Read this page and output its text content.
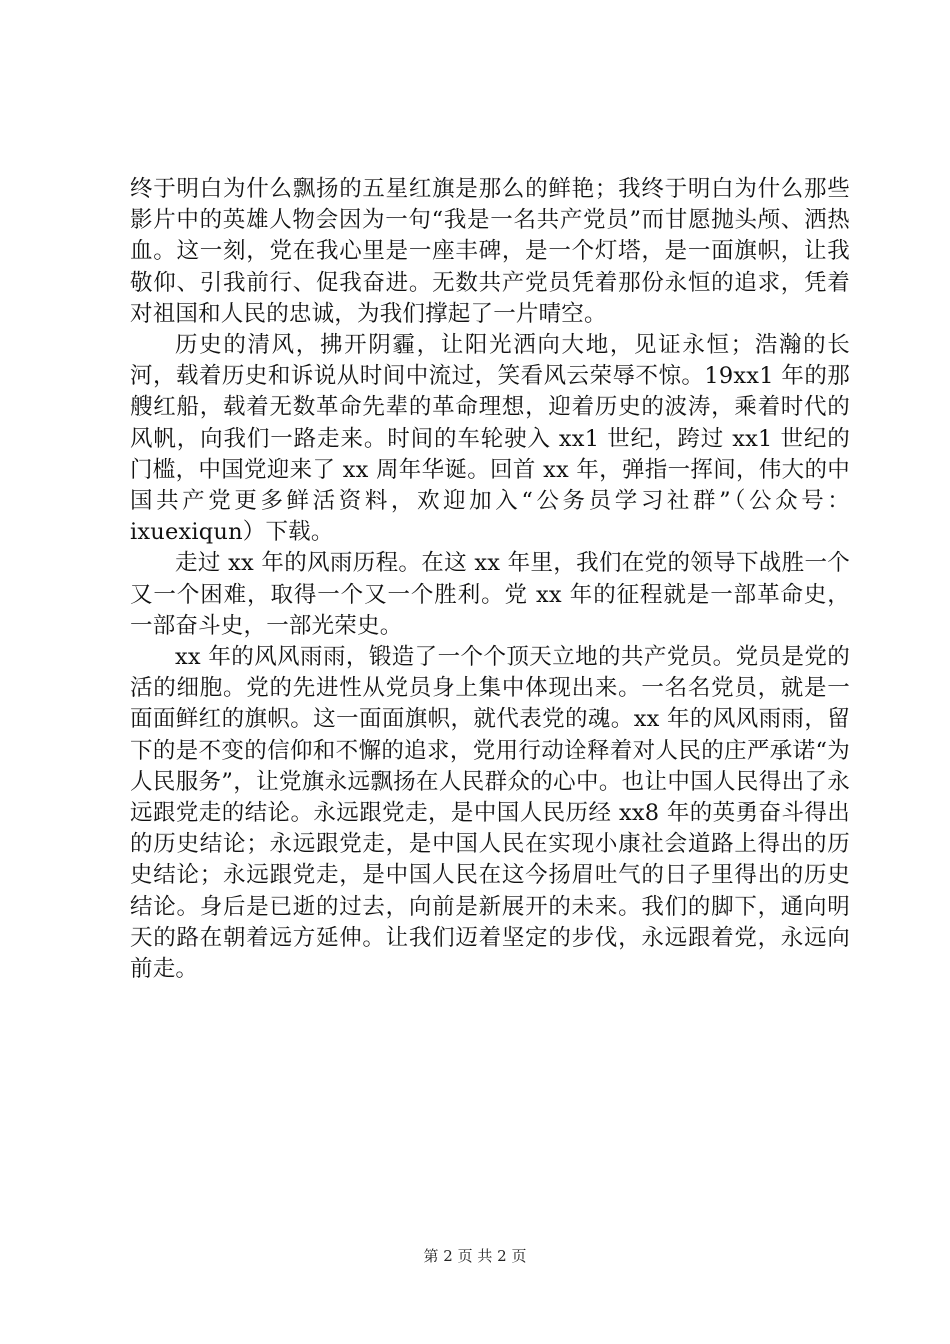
终于明白为什么飘扬的五星红旗是那么的鲜艳；我终于明白为什么那些影片中的英雄人物会因为一句“我是一名共产党员”而甘愿抛头颅、洒热血。这一刻，党在我心里是一座丰碑，是一个灯塔，是一面旗帜，让我敬仰、引我前行、促我奋进。无数共产党员凭着那份永恒的追求，凭着对祖国和人民的忠诚，为我们撑起了一片晴空。

历史的清风，拂开阴霾，让阳光洒向大地，见证永恒；浩瀚的长河，载着历史和诉说从时间中流过，笑看风云荣辱不惊。19xx1 年的那艘红船，载着无数革命先辈的革命理想，迎着历史的波涛，乘着时代的风帆，向我们一路走来。时间的车轮驶入 xx1 世纪，跨过 xx1 世纪的门槛，中国党迎来了 xx 周年华诞。回首 xx 年，弹指一挥间，伟大的中国共产党更多鲜活资料，欢迎加入“公务员学习社群”（公众号：ixuexiqun）下载。

走过 xx 年的风雨历程。在这 xx 年里，我们在党的领导下战胜一个又一个困难，取得一个又一个胜利。党 xx 年的征程就是一部革命史，一部奋斗史，一部光荣史。

xx 年的风风雨雨，锻造了一个个顶天立地的共产党员。党员是党的活的细胞。党的先进性从党员身上集中体现出来。一名名党员，就是一面面鲜红的旗帜。这一面面旗帜，就代表党的魂。xx 年的风风雨雨，留下的是不变的信仰和不懈的追求，党用行动诠释着对人民的庄严承诺“为人民服务”，让党旗永远飘扬在人民群众的心中。也让中国人民得出了永远跟党走的结论。永远跟党走，是中国人民历经 xx8 年的英勇奋斗得出的历史结论；永远跟党走，是中国人民在实现小康社会道路上得出的历史结论；永远跟党走，是中国人民在这今扬眉吐气的日子里得出的历史结论。身后是已逝的过去，向前是新展开的未来。我们的脚下，通向明天的路在朝着远方延伸。让我们迈着坚定的步伐，永远跟着党，永远向前走。

第 2 页 共 2 页
